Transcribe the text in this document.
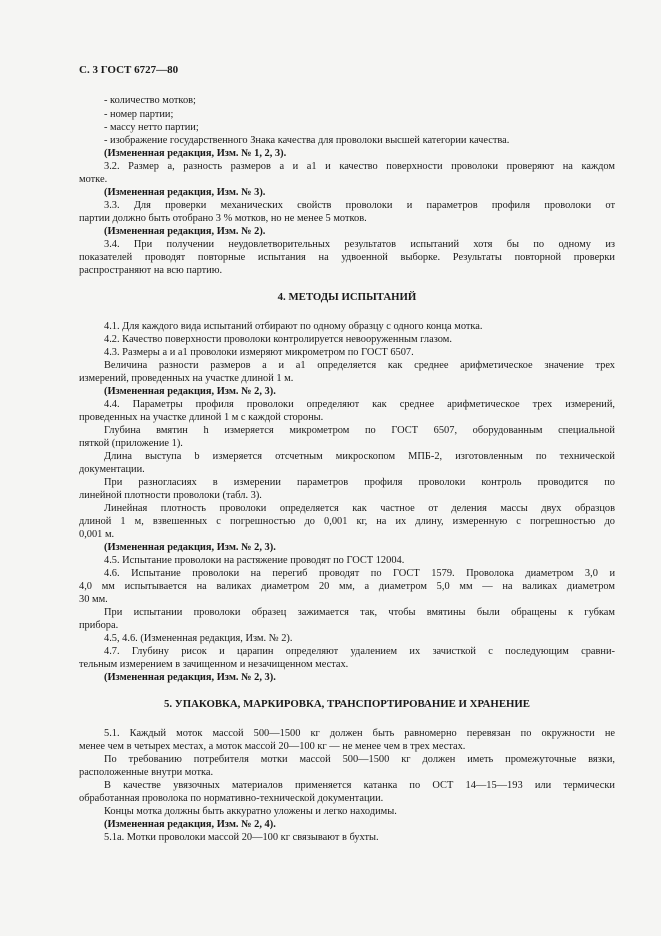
С. 3 ГОСТ 6727—80
- количество мотков;
- номер партии;
- массу нетто партии;
- изображение государственного Знака качества для проволоки высшей категории качества.
(Измененная редакция, Изм. № 1, 2, 3).
3.2. Размер a, разность размеров a и a1 и качество поверхности проволоки проверяют на каждом
мотке.
(Измененная редакция, Изм. № 3).
3.3. Для проверки механических свойств проволоки и параметров профиля проволоки от
партии должно быть отобрано 3 % мотков, но не менее 5 мотков.
(Измененная редакция, Изм. № 2).
3.4. При получении неудовлетворительных результатов испытаний хотя бы по одному из
показателей проводят повторные испытания на удвоенной выборке. Результаты повторной проверки
распространяют на всю партию.
4. МЕТОДЫ ИСПЫТАНИЙ
4.1. Для каждого вида испытаний отбирают по одному образцу с одного конца мотка.
4.2. Качество поверхности проволоки контролируется невооруженным глазом.
4.3. Размеры a и a1 проволоки измеряют микрометром по ГОСТ 6507.
Величина разности размеров a и a1 определяется как среднее арифметическое значение трех
измерений, проведенных на участке длиной 1 м.
(Измененная редакция, Изм. № 2, 3).
4.4. Параметры профиля проволоки определяют как среднее арифметическое трех измерений,
проведенных на участке длиной 1 м с каждой стороны.
Глубина вмятин h измеряется микрометром по ГОСТ 6507, оборудованным специальной
пяткой (приложение 1).
Длина выступа b измеряется отсчетным микроскопом МПБ-2, изготовленным по технической
документации.
При разногласиях в измерении параметров профиля проволоки контроль проводится по
линейной плотности проволоки (табл. 3).
Линейная плотность проволоки определяется как частное от деления массы двух образцов
длиной 1 м, взвешенных с погрешностью до 0,001 кг, на их длину, измеренную с погрешностью до
0,001 м.
(Измененная редакция, Изм. № 2, 3).
4.5. Испытание проволоки на растяжение проводят по ГОСТ 12004.
4.6. Испытание проволоки на перегиб проводят по ГОСТ 1579. Проволока диаметром 3,0 и
4,0 мм испытывается на валиках диаметром 20 мм, а диаметром 5,0 мм — на валиках диаметром
30 мм.
При испытании проволоки образец зажимается так, чтобы вмятины были обращены к губкам
прибора.
4.5, 4.6. (Измененная редакция, Изм. № 2).
4.7. Глубину рисок и царапин определяют удалением их зачисткой с последующим сравни-
тельным измерением в зачищенном и незачищенном местах.
(Измененная редакция, Изм. № 2, 3).
5. УПАКОВКА, МАРКИРОВКА, ТРАНСПОРТИРОВАНИЕ И ХРАНЕНИЕ
5.1. Каждый моток массой 500—1500 кг должен быть равномерно перевязан по окружности не
менее чем в четырех местах, а моток массой 20—100 кг — не менее чем в трех местах.
По требованию потребителя мотки массой 500—1500 кг должен иметь промежуточные вязки,
расположенные внутри мотка.
В качестве увязочных материалов применяется катанка по ОСТ 14—15—193 или термически
обработанная проволока по нормативно-технической документации.
Концы мотка должны быть аккуратно уложены и легко находимы.
(Измененная редакция, Изм. № 2, 4).
5.1а. Мотки проволоки массой 20—100 кг связывают в бухты.
